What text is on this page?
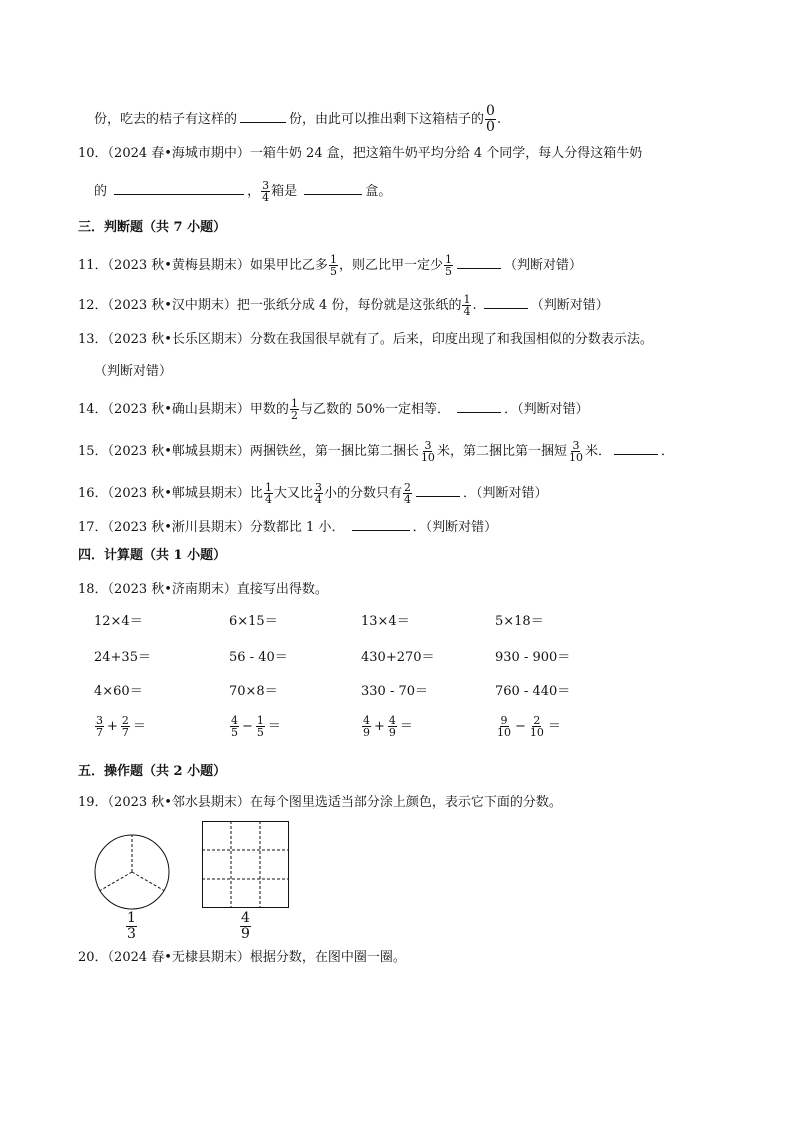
份，吃去的桔子有这样的	份，由此可以推出剩下这箱桔子的 $\frac{0}{0}$ .
10．（2024 春•海城市期中）一箱牛奶 24 盒，把这箱牛奶平均分给 4 个同学，每人分得这箱牛奶
的	， $\frac{3}{4}$ 箱是	盒。
三．判断题（共 7 小题）
11．（2023 秋•黄梅县期末）如果甲比乙多 $\frac{1}{5}$ ，则乙比甲一定少 $\frac{1}{5}$	（判断对错）
12．（2023 秋•汉中期末）把一张纸分成 4 份，每份就是这张纸的 $\frac{1}{4}$ .	（判断对错）
13．（2023 秋•长乐区期末）分数在我国很早就有了。后来，印度出现了和我国相似的分数表示法。
（判断对错）
14．（2023 秋•确山县期末）甲数的 $\frac{1}{2}$ 与乙数的 50%一定相等．	．（判断对错）
15．（2023 秋•郸城县期末）两捆铁丝，第一捆比第二捆长 $\frac{3}{10}$ 米，第二捆比第一捆短 $\frac{3}{10}$ 米．	．
16．（2023 秋•郸城县期末）比 $\frac{1}{4}$ 大又比 $\frac{3}{4}$ 小的分数只有 $\frac{2}{4}$	．（判断对错）
17．（2023 秋•淅川县期末）分数都比 1 小．	．（判断对错）
四．计算题（共 1 小题）
18．（2023 秋•济南期末）直接写出得数。
12×4＝	6×15＝	13×4＝	5×18＝
24+35＝	56 - 40＝	430+270＝	930 - 900＝
4×60＝	70×8＝	330 - 70＝	760 - 440＝
$\frac{3}{7} + \frac{2}{7}$ ＝	$\frac{4}{5} - \frac{1}{5}$ ＝	$\frac{4}{9} + \frac{4}{9}$ ＝	$\frac{9}{10} - \frac{2}{10}$ ＝
五．操作题（共 2 小题）
19．（2023 秋•邻水县期末）在每个图里选适当部分涂上颜色，表示它下面的分数。
$\frac{1}{3}$	$\frac{4}{9}$
20．（2024 春•无棣县期末）根据分数，在图中圈一圈。
